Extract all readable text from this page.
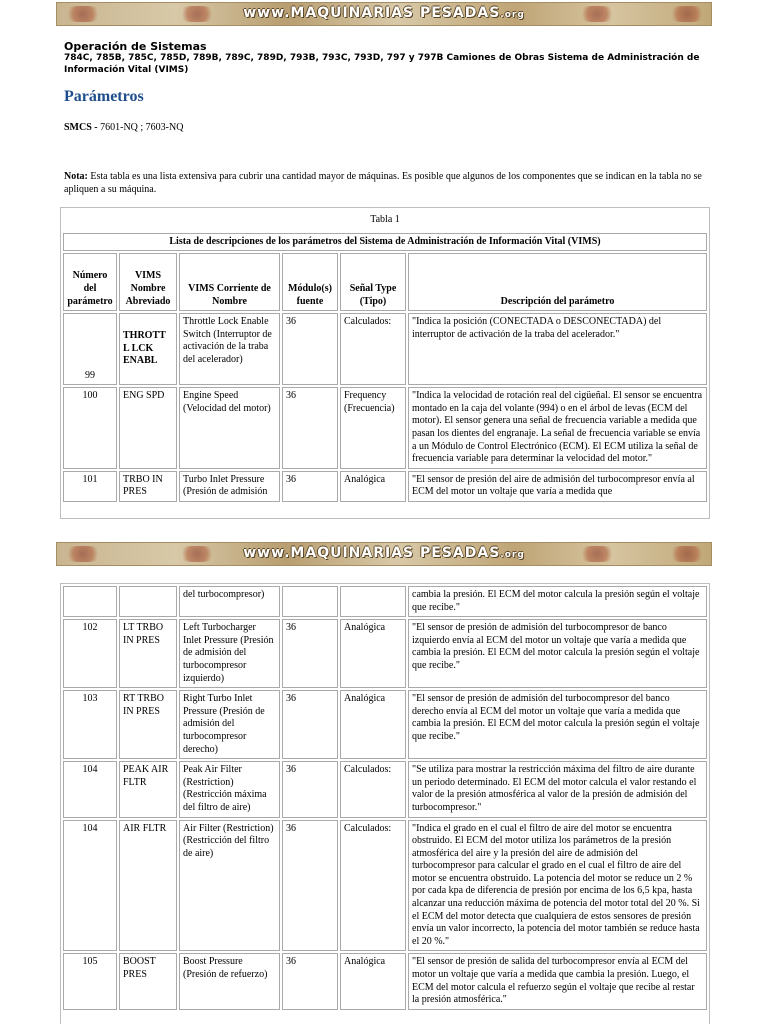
www.MAQUINARIAS PESADAS.org
Operación de Sistemas
784C, 785B, 785C, 785D, 789B, 789C, 789D, 793B, 793C, 793D, 797 y 797B Camiones de Obras Sistema de Administración de Información Vital (VIMS)
Parámetros
SMCS - 7601-NQ ; 7603-NQ
Nota: Esta tabla es una lista extensiva para cubrir una cantidad mayor de máquinas. Es posible que algunos de los componentes que se indican en la tabla no se apliquen a su máquina.
Tabla 1					
Lista de descripciones de los parámetros del Sistema de Administración de Información Vital (VIMS)					
Número del parámetro	VIMS Nombre Abreviado	VIMS Corriente de Nombre	Módulo(s) fuente	Señal Type (Tipo)	Descripción del parámetro
99	THROTT L LCK ENABL	Throttle Lock Enable Switch (Interruptor de activación de la traba del acelerador)	36	Calculados:	"Indica la posición (CONECTADA o DESCONECTADA) del interruptor de activación de la traba del acelerador."
100	ENG SPD	Engine Speed (Velocidad del motor)	36	Frequency (Frecuencia)	"Indica la velocidad de rotación real del cigüeñal. El sensor se encuentra montado en la caja del volante (994) o en el árbol de levas (ECM del motor). El sensor genera una señal de frecuencia variable a medida que pasan los dientes del engranaje. La señal de frecuencia variable se envía a un Módulo de Control Electrónico (ECM). El ECM utiliza la señal de frecuencia variable para determinar la velocidad del motor."
101	TRBO IN PRES	Turbo Inlet Pressure (Presión de admisión	36	Analógica	"El sensor de presión del aire de admisión del turbocompresor envía al ECM del motor un voltaje que varía a medida que
www.MAQUINARIAS PESADAS.org
		del turbocompresor)			cambia la presión. El ECM del motor calcula la presión según el voltaje que recibe."
102	LT TRBO IN PRES	Left Turbocharger Inlet Pressure (Presión de admisión del turbocompresor izquierdo)	36	Analógica	"El sensor de presión de admisión del turbocompresor de banco izquierdo envía al ECM del motor un voltaje que varía a medida que cambia la presión. El ECM del motor calcula la presión según el voltaje que recibe."
103	RT TRBO IN PRES	Right Turbo Inlet Pressure (Presión de admisión del turbocompresor derecho)	36	Analógica	"El sensor de presión de admisión del turbocompresor del banco derecho envía al ECM del motor un voltaje que varía a medida que cambia la presión. El ECM del motor calcula la presión según el voltaje que recibe."
104	PEAK AIR FLTR	Peak Air Filter (Restriction) (Restricción máxima del filtro de aire)	36	Calculados:	"Se utiliza para mostrar la restricción máxima del filtro de aire durante un periodo determinado. El ECM del motor calcula el valor restando el valor de la presión atmosférica al valor de la presión de admisión del turbocompresor."
104	AIR FLTR	Air Filter (Restriction) (Restricción del filtro de aire)	36	Calculados:	"Indica el grado en el cual el filtro de aire del motor se encuentra obstruido. El ECM del motor utiliza los parámetros de la presión atmosférica del aire y la presión del aire de admisión del turbocompresor para calcular el grado en el cual el filtro de aire del motor se encuentra obstruido. La potencia del motor se reduce un 2 % por cada kpa de diferencia de presión por encima de los 6,5 kpa, hasta alcanzar una reducción máxima de potencia del motor total del 20 %. Si el ECM del motor detecta que cualquiera de estos sensores de presión envía un valor incorrecto, la potencia del motor también se reduce hasta el 20 %."
105	BOOST PRES	Boost Pressure (Presión de refuerzo)	36	Analógica	"El sensor de presión de salida del turbocompresor envía al ECM del motor un voltaje que varía a medida que cambia la presión. Luego, el ECM del motor calcula el refuerzo según el voltaje que recibe al restar la presión atmosférica."
